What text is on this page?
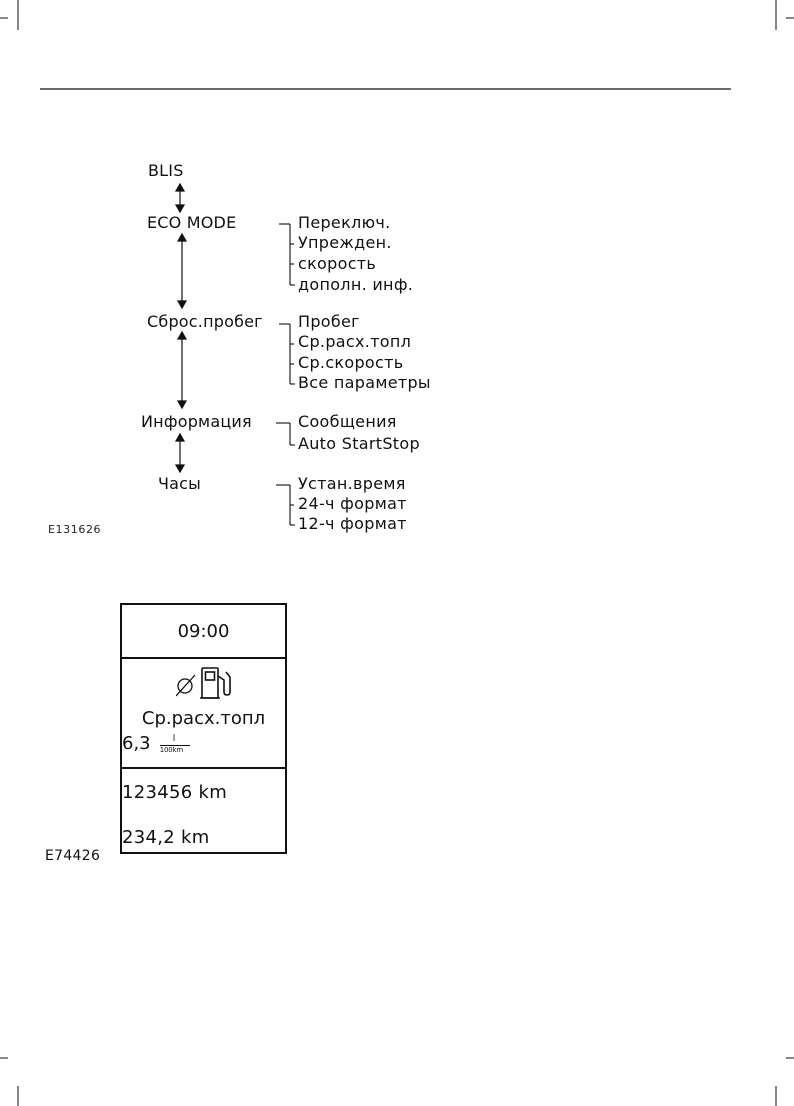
BLIS
ECO MODE
Сброс.пробег
Информация
Часы
Переключ.
Упрежден.
скорость
дополн. инф.
Пробег
Ср.расх.топл
Ср.скорость
Все параметры
Сообщения
Auto StartStop
Устан.время
24-ч формат
12-ч формат
E131626
09:00
Ср.расх.топл
$6,3 \frac{l}{100km}$
123456 km
234,2 km
E74426
